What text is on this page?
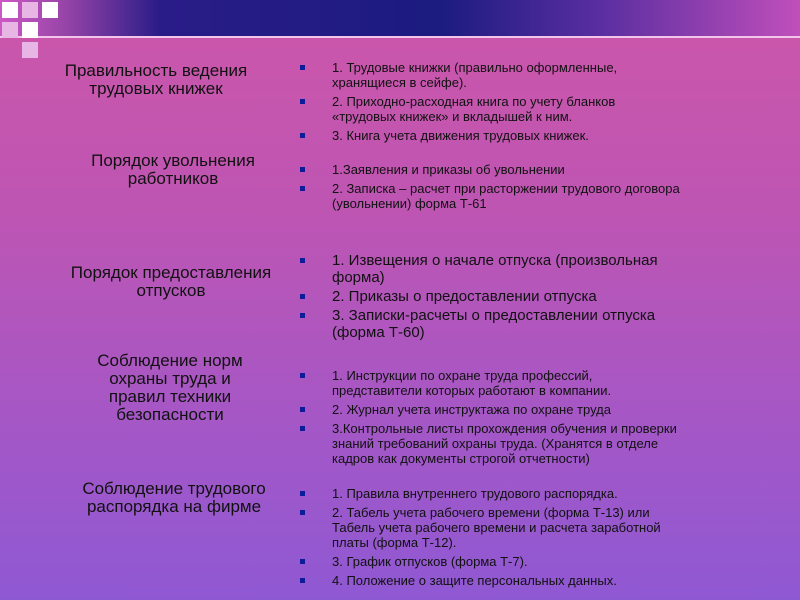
Правильность ведения
трудовых книжек
1. Трудовые книжки (правильно оформленные,
хранящиеся в сейфе).
2. Приходно-расходная книга по учету бланков
«трудовых книжек» и вкладышей к ним.
3. Книга учета движения трудовых книжек.
Порядок увольнения
работников	1.Заявления и приказы об увольнении
2. Записка – расчет при расторжении трудового договора
(увольнении) форма Т-61
Порядок предоставления
отпусков
1. Извещения о начале отпуска (произвольная
форма)
2. Приказы о предоставлении отпуска
3. Записки-расчеты о предоставлении отпуска
(форма Т-60)
Соблюдение норм
охраны труда и
правил техники
безопасности
1. Инструкции по охране труда профессий,
представители которых работают в компании.
2. Журнал учета инструктажа по охране труда
3.Контрольные листы прохождения обучения и проверки
знаний требований охраны труда. (Хранятся в отделе
кадров как документы строгой отчетности)
Соблюдение трудового
распорядка на фирме
1. Правила внутреннего трудового распорядка.
2. Табель учета рабочего времени (форма Т-13) или
Табель учета рабочего времени и расчета заработной
платы (форма Т-12).
3. График отпусков (форма Т-7).
4. Положение о защите персональных данных.
